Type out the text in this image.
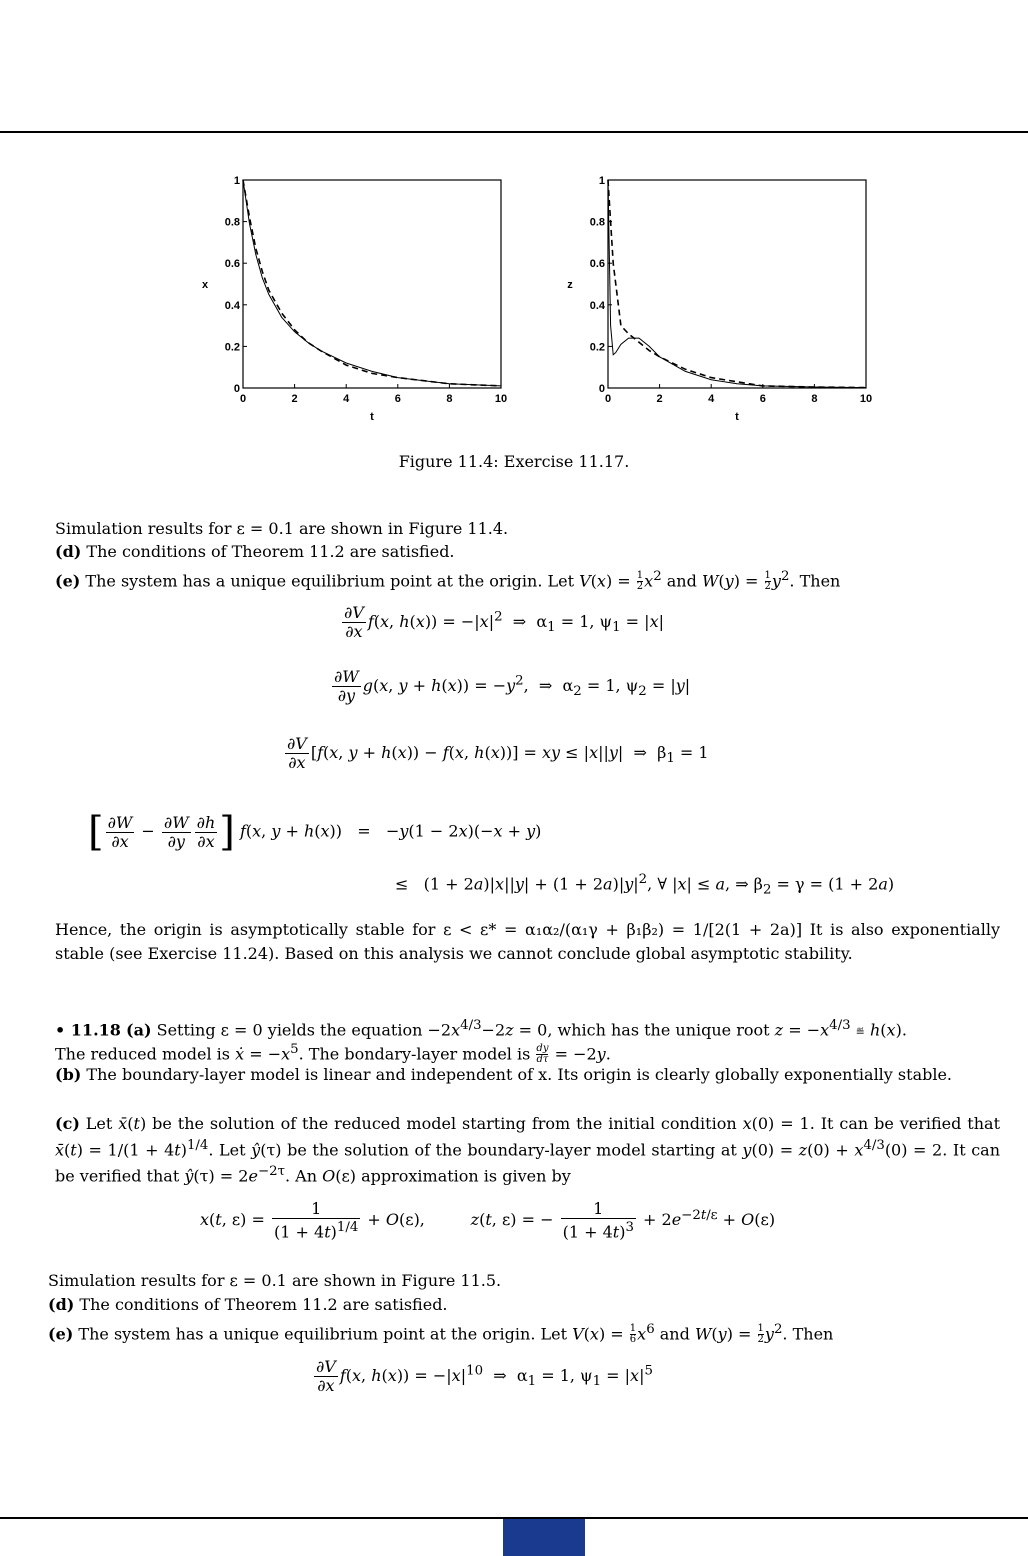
0	2	4	6	8	10
0
0.2
0.4
0.6
0.8
1
t
x
0	2	4	6	8	10
0
0.2
0.4
0.6
0.8
1
t
z
Figure 11.4: Exercise 11.17.
Simulation results for ε = 0.1 are shown in Figure 11.4.
(d) The conditions of Theorem 11.2 are satisfied.
(e) The system has a unique equilibrium point at the origin. Let $V(x) = \frac{1}{2} x^2$ and $W(y) = \frac{1}{2} y^2$. Then
$\frac{\partial V}{\partial x} f(x$, $h(x)) = -|x|^2$  ⇒  $\alpha_1 = 1$, $\psi_1 = |x|$
$\frac{\partial W}{\partial y} g(x$, $y + h(x)) = -y^2$,  ⇒  $\alpha_2 = 1$, $\psi_2 = |y|$
$\frac{\partial V}{\partial x} [f(x$, y + h(x)) − f(x, h(x))] = xy ≤ |x||y|  ⇒  $\beta_1 = 1$
[ $\frac{\partial W}{\partial x} - \frac{\partial W}{\partial y} \frac{\partial h}{\partial x}$ ] f(x, y + h(x))   =   −y(1 − 2x)(−x + y)
≤   $(1 + 2a)|x||y| + (1 + 2a)|y|^2$, ∀ |x| ≤ a, ⇒ $\beta_2 = \gamma = (1 + 2a)$
Hence, the origin is asymptotically stable for ε < ε* = α₁α₂/(α₁γ + β₁β₂) = 1/[2(1 + 2a)] It is also exponentially stable (see Exercise 11.24). Based on this analysis we cannot conclude global asymptotic stability.
• 11.18 (a) Setting ε = 0 yields the equation $-2x^{4/3}-2z = 0$, which has the unique root $z = -x^{4/3}$ ≝ h(x).
The reduced model is ẋ = $-x^5$. The bondary-layer model is $\frac{dy}{d\tau} = -2y$.
(b) The boundary-layer model is linear and independent of x. Its origin is clearly globally exponentially stable.
(c) Let x̄(t) be the solution of the reduced model starting from the initial condition x(0) = 1. It can be verified that x̄(t) = $1/(1 + 4t)^{1/4}$. Let ŷ(τ) be the solution of the boundary-layer model starting at $y(0) = z(0) + x^{4/3}(0) = 2$. It can be verified that ŷ(τ) = $2e^{-2\tau}$. An O(ε) approximation is given by
x(t, $\varepsilon) = \frac{1}{(1 + 4t)^{1/4}} + O(\varepsilon)$,         z(t, ε) = − $\frac{1}{(1 + 4t)^3} + 2e^{-2t/\varepsilon} + O(\varepsilon)$
Simulation results for ε = 0.1 are shown in Figure 11.5.
(d) The conditions of Theorem 11.2 are satisfied.
(e) The system has a unique equilibrium point at the origin. Let $V(x) = \frac{1}{6} x^6$ and $W(y) = \frac{1}{2} y^2$. Then
$\frac{\partial V}{\partial x} f(x$, $h(x)) = -|x|^{10}$  ⇒  $\alpha_1 = 1$, $\psi_1 = |x|^5$
